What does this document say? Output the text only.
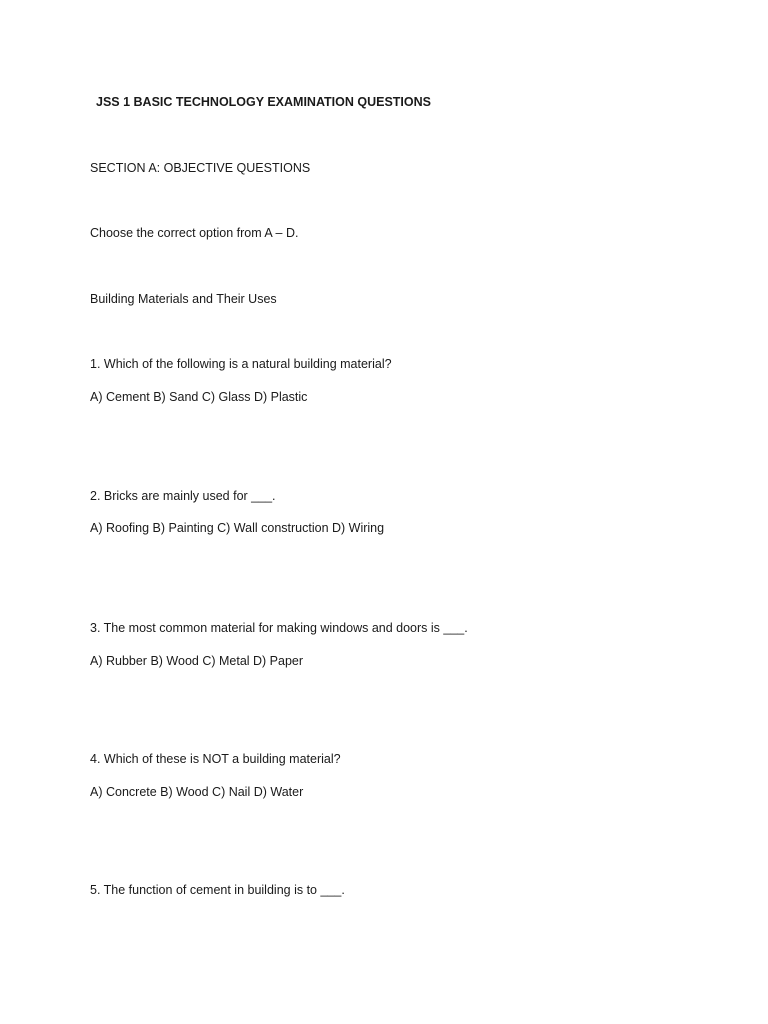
JSS 1 BASIC TECHNOLOGY EXAMINATION QUESTIONS
SECTION A: OBJECTIVE QUESTIONS
Choose the correct option from A – D.
Building Materials and Their Uses
1. Which of the following is a natural building material?
A) Cement B) Sand C) Glass D) Plastic
2. Bricks are mainly used for ___.
A) Roofing B) Painting C) Wall construction D) Wiring
3. The most common material for making windows and doors is ___.
A) Rubber B) Wood C) Metal D) Paper
4. Which of these is NOT a building material?
A) Concrete B) Wood C) Nail D) Water
5. The function of cement in building is to ___.
